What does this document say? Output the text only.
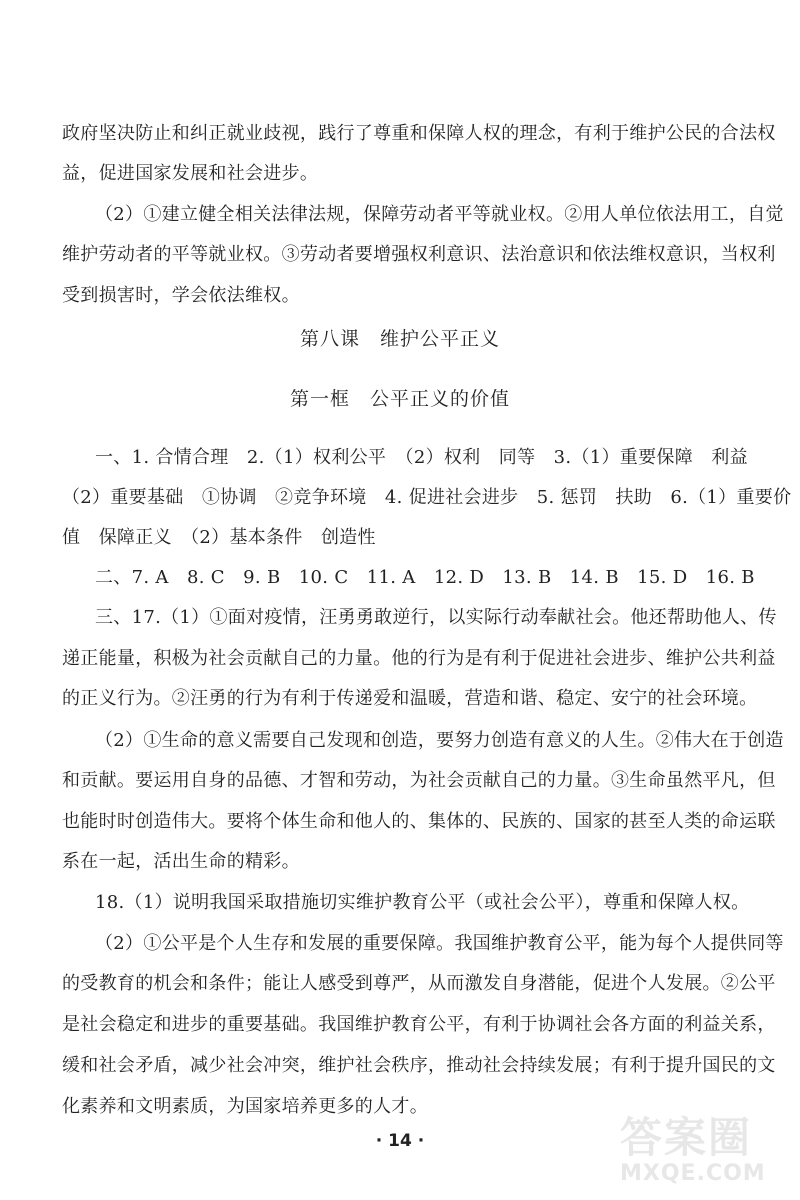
政府坚决防止和纠正就业歧视，践行了尊重和保障人权的理念，有利于维护公民的合法权
益，促进国家发展和社会进步。
（2）①建立健全相关法律法规，保障劳动者平等就业权。②用人单位依法用工，自觉
维护劳动者的平等就业权。③劳动者要增强权利意识、法治意识和依法维权意识，当权利
受到损害时，学会依法维权。
第八课　维护公平正义
第一框　公平正义的价值
一、1. 合情合理　2.（1）权利公平　（2）权利　同等　3.（1）重要保障　利益
（2）重要基础　①协调　②竞争环境　4. 促进社会进步　5. 惩罚　扶助　6.（1）重要价
值　保障正义　（2）基本条件　创造性
二、7. A　8. C　9. B　10. C　11. A　12. D　13. B　14. B　15. D　16. B
三、17.（1）①面对疫情，汪勇勇敢逆行，以实际行动奉献社会。他还帮助他人、传
递正能量，积极为社会贡献自己的力量。他的行为是有利于促进社会进步、维护公共利益
的正义行为。②汪勇的行为有利于传递爱和温暖，营造和谐、稳定、安宁的社会环境。
（2）①生命的意义需要自己发现和创造，要努力创造有意义的人生。②伟大在于创造
和贡献。要运用自身的品德、才智和劳动，为社会贡献自己的力量。③生命虽然平凡，但
也能时时创造伟大。要将个体生命和他人的、集体的、民族的、国家的甚至人类的命运联
系在一起，活出生命的精彩。
18.（1）说明我国采取措施切实维护教育公平（或社会公平），尊重和保障人权。
（2）①公平是个人生存和发展的重要保障。我国维护教育公平，能为每个人提供同等
的受教育的机会和条件；能让人感受到尊严，从而激发自身潜能，促进个人发展。②公平
是社会稳定和进步的重要基础。我国维护教育公平，有利于协调社会各方面的利益关系，
缓和社会矛盾，减少社会冲突，维护社会秩序，推动社会持续发展；有利于提升国民的文
化素养和文明素质，为国家培养更多的人才。
· 14 ·	答案圈
MXQE.COM
